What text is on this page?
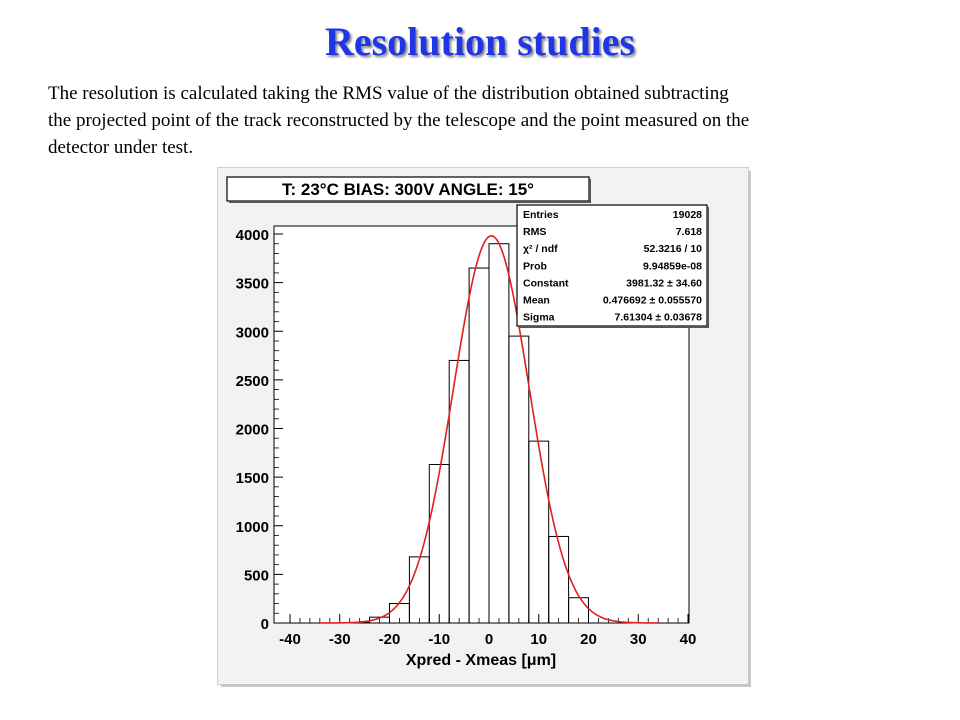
Resolution studies
The resolution is calculated taking the RMS value of the distribution obtained subtracting
the projected point of the track reconstructed by the telescope and the point measured on the
detector under test.
T: 23°C BIAS: 300V ANGLE: 15°
Xpred - Xmeas [μm]
0
500
1000
1500
2000
2500
3000
3500
4000
-40 -30 -20 -10 0 10 20 30 40
Entries	19028
RMS	7.618
χ² / ndf	52.3216 / 10
Prob	9.94859e-08
Constant	3981.32 ± 34.60
Mean	0.476692 ± 0.055570
Sigma	7.61304 ± 0.03678
